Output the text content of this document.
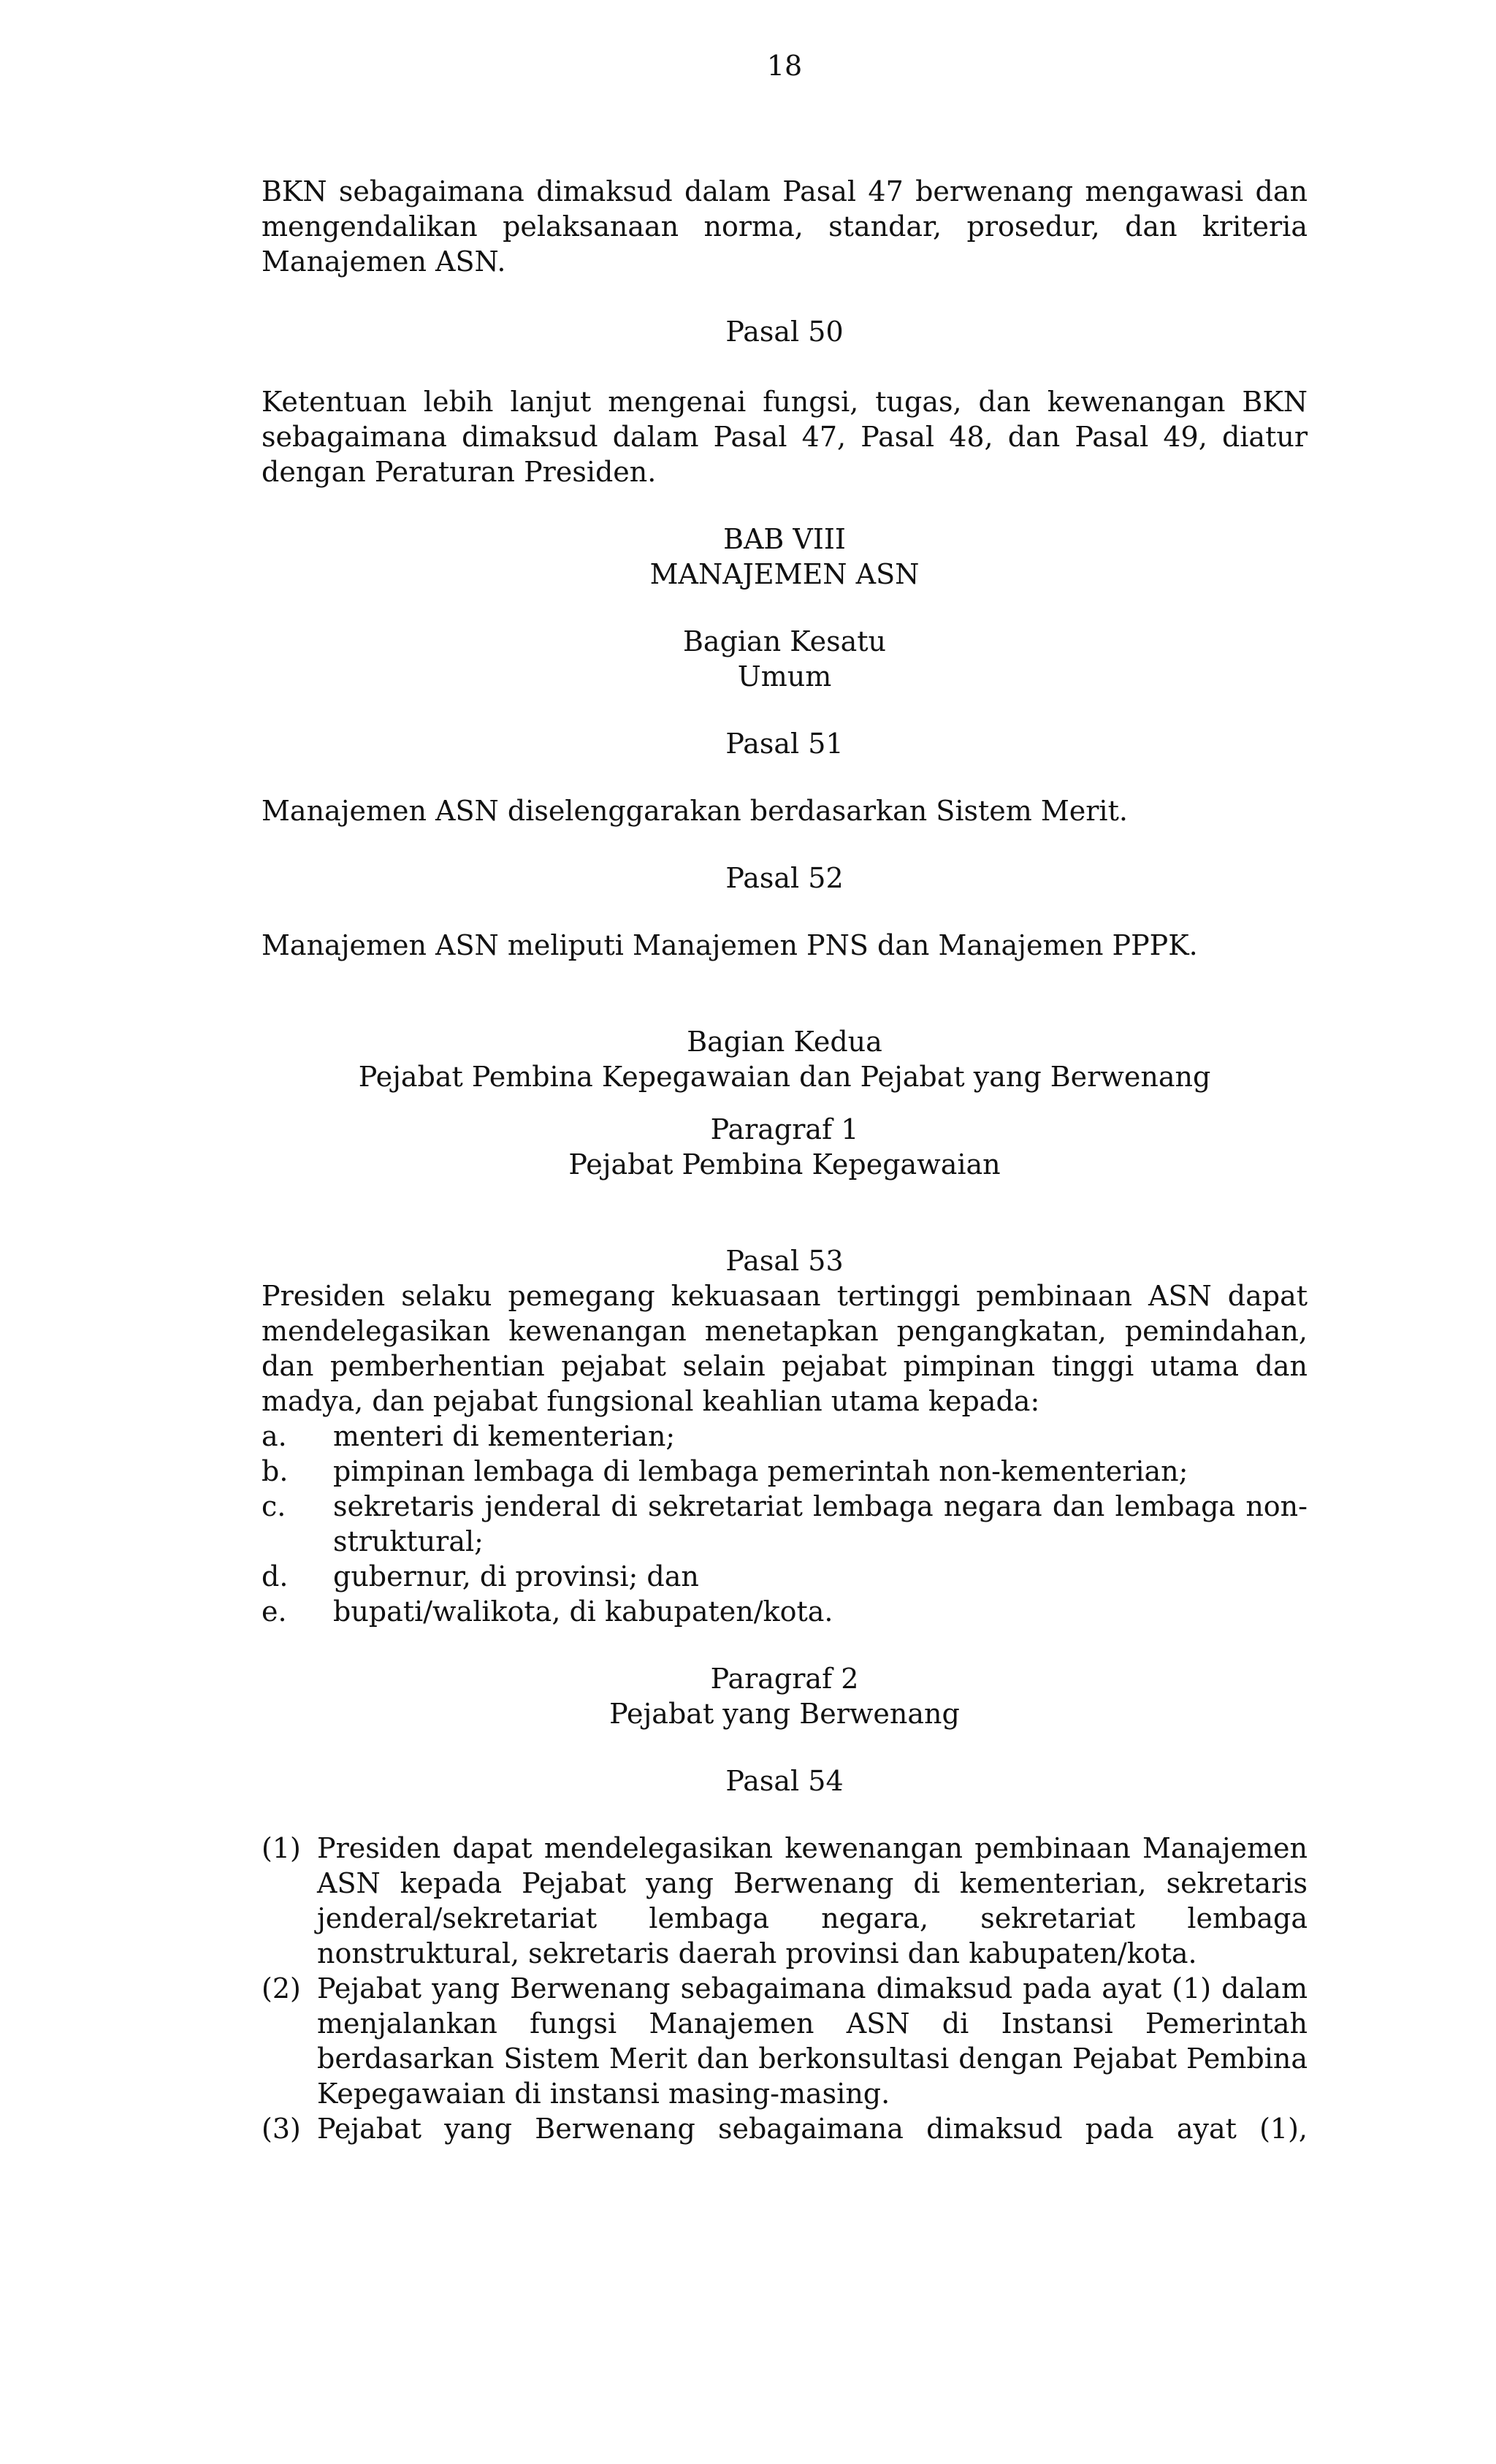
18

BKN sebagaimana dimaksud dalam Pasal 47 berwenang mengawasi dan mengendalikan pelaksanaan norma, standar, prosedur, dan kriteria Manajemen ASN.

Pasal 50

Ketentuan lebih lanjut mengenai fungsi, tugas, dan kewenangan BKN sebagaimana dimaksud dalam Pasal 47, Pasal 48, dan Pasal 49, diatur dengan Peraturan Presiden.

BAB VIII

MANAJEMEN ASN

Bagian Kesatu

Umum

Pasal 51

Manajemen ASN diselenggarakan berdasarkan Sistem Merit.

Pasal 52

Manajemen ASN meliputi Manajemen PNS dan Manajemen PPPK.

Bagian Kedua

Pejabat Pembina Kepegawaian dan Pejabat yang Berwenang

Paragraf 1

Pejabat Pembina Kepegawaian

Pasal 53

Presiden selaku pemegang kekuasaan tertinggi pembinaan ASN dapat mendelegasikan kewenangan menetapkan pengangkatan, pemindahan, dan pemberhentian pejabat selain pejabat pimpinan tinggi utama dan madya, dan pejabat fungsional keahlian utama kepada:

a.	menteri di kementerian;
b.	pimpinan lembaga di lembaga pemerintah non-kementerian;
c.	sekretaris jenderal di sekretariat lembaga negara dan lembaga non-struktural;
d.	gubernur, di provinsi; dan
e.	bupati/walikota, di kabupaten/kota.

Paragraf 2

Pejabat yang Berwenang

Pasal 54

(1) Presiden dapat mendelegasikan kewenangan pembinaan Manajemen ASN kepada Pejabat yang Berwenang di kementerian, sekretaris jenderal/sekretariat lembaga negara, sekretariat lembaga nonstruktural, sekretaris daerah provinsi dan kabupaten/kota.
(2) Pejabat yang Berwenang sebagaimana dimaksud pada ayat (1) dalam menjalankan fungsi Manajemen ASN di Instansi Pemerintah berdasarkan Sistem Merit dan berkonsultasi dengan Pejabat Pembina Kepegawaian di instansi masing-masing.
(3) Pejabat yang Berwenang sebagaimana dimaksud pada ayat (1),
